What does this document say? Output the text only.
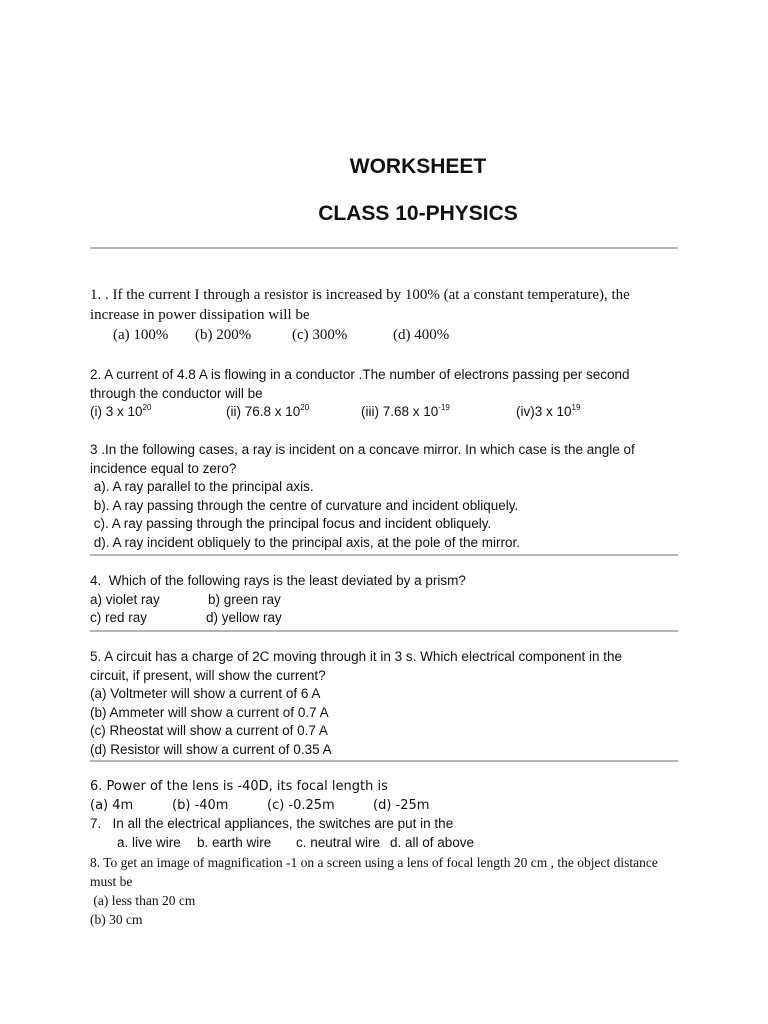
WORKSHEET
CLASS 10-PHYSICS
1. . If the current I through a resistor is increased by 100% (at a constant temperature), the increase in power dissipation will be

(a) 100%

(b) 200%

	(c) 300%

	(d) 400%

2. A current of 4.8 A is flowing in a conductor .The number of electrons passing per second through the conductor will be

(i) 3 x $10^{20}$

	(ii) 76.8 x $10^{20}$

	(iii) 7.68 x $10^{-19}$

	(iv)3 x $10^{19}$

3 .In the following cases, a ray is incident on a concave mirror. In which case is the angle of incidence equal to zero?
a). A ray parallel to the principal axis.
b). A ray passing through the centre of curvature and incident obliquely.
c). A ray passing through the principal focus and incident obliquely.
d). A ray incident obliquely to the principal axis, at the pole of the mirror.
4.  Which of the following rays is the least deviated by a prism?

a) violet ray

	b) green ray

c) red ray

	d) yellow ray

5. A circuit has a charge of 2C moving through it in 3 s. Which electrical component in the circuit, if present, will show the current?
(a) Voltmeter will show a current of 6 A
(b) Ammeter will show a current of 0.7 A
(c) Rheostat will show a current of 0.7 A
(d) Resistor will show a current of 0.35 A
6. Power of the lens is -40D, its focal length is

(a) 4m

	(b) -40m

	(c) -0.25m

	(d) -25m

7.   In all the electrical appliances, the switches are put in the

a. live wire

b. earth wire

c. neutral wire

d. all of above

8. To get an image of magnification -1 on a screen using a lens of focal length 20 cm , the object distance must be
(a) less than 20 cm
(b) 30 cm
